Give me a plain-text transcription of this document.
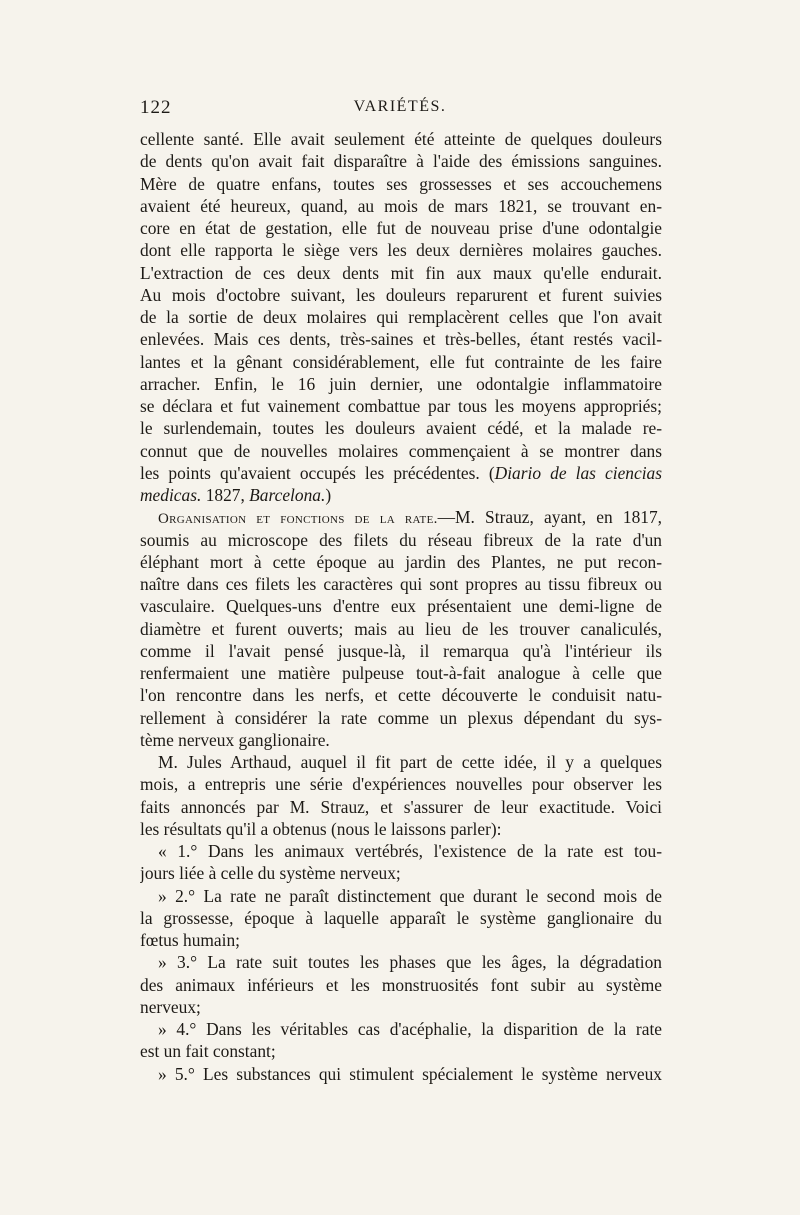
122	VARIÉTÉS.
cellente santé. Elle avait seulement été atteinte de quelques douleurs
de dents qu'on avait fait disparaître à l'aide des émissions sanguines.
Mère de quatre enfans, toutes ses grossesses et ses accouchemens
avaient été heureux, quand, au mois de mars 1821, se trouvant en-
core en état de gestation, elle fut de nouveau prise d'une odontalgie
dont elle rapporta le siège vers les deux dernières molaires gauches.
L'extraction de ces deux dents mit fin aux maux qu'elle endurait.
Au mois d'octobre suivant, les douleurs reparurent et furent suivies
de la sortie de deux molaires qui remplacèrent celles que l'on avait
enlevées. Mais ces dents, très-saines et très-belles, étant restés vacil-
lantes et la gênant considérablement, elle fut contrainte de les faire
arracher. Enfin, le 16 juin dernier, une odontalgie inflammatoire
se déclara et fut vainement combattue par tous les moyens appropriés;
le surlendemain, toutes les douleurs avaient cédé, et la malade re-
connut que de nouvelles molaires commençaient à se montrer dans
les points qu'avaient occupés les précédentes. (Diario de las ciencias
medicas. 1827, Barcelona.)
Organisation et fonctions de la rate.—M. Strauz, ayant, en 1817,
soumis au microscope des filets du réseau fibreux de la rate d'un
éléphant mort à cette époque au jardin des Plantes, ne put recon-
naître dans ces filets les caractères qui sont propres au tissu fibreux ou
vasculaire. Quelques-uns d'entre eux présentaient une demi-ligne de
diamètre et furent ouverts; mais au lieu de les trouver canaliculés,
comme il l'avait pensé jusque-là, il remarqua qu'à l'intérieur ils
renfermaient une matière pulpeuse tout-à-fait analogue à celle que
l'on rencontre dans les nerfs, et cette découverte le conduisit natu-
rellement à considérer la rate comme un plexus dépendant du sys-
tème nerveux ganglionaire.
M. Jules Arthaud, auquel il fit part de cette idée, il y a quelques
mois, a entrepris une série d'expériences nouvelles pour observer les
faits annoncés par M. Strauz, et s'assurer de leur exactitude. Voici
les résultats qu'il a obtenus (nous le laissons parler):
« 1.° Dans les animaux vertébrés, l'existence de la rate est tou-
jours liée à celle du système nerveux;
» 2.° La rate ne paraît distinctement que durant le second mois de
la grossesse, époque à laquelle apparaît le système ganglionaire du
fœtus humain;
» 3.° La rate suit toutes les phases que les âges, la dégradation
des animaux inférieurs et les monstruosités font subir au système
nerveux;
» 4.° Dans les véritables cas d'acéphalie, la disparition de la rate
est un fait constant;
» 5.° Les substances qui stimulent spécialement le système nerveux
